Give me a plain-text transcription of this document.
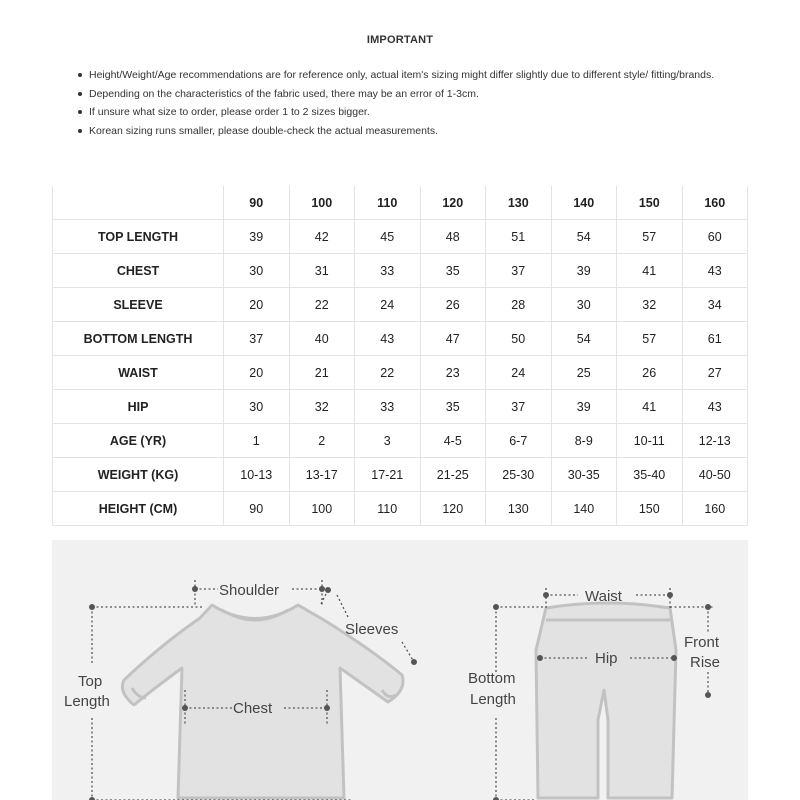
IMPORTANT
Height/Weight/Age recommendations are for reference only, actual item's sizing might differ slightly due to different style/ fitting/brands.
Depending on the characteristics of the fabric used, there may be an error of 1-3cm.
If unsure what size to order, please order 1 to 2 sizes bigger.
Korean sizing runs smaller, please double-check the actual measurements.
	90	100	110	120	130	140	150	160
TOP LENGTH	39	42	45	48	51	54	57	60
CHEST	30	31	33	35	37	39	41	43
SLEEVE	20	22	24	26	28	30	32	34
BOTTOM LENGTH	37	40	43	47	50	54	57	61
WAIST	20	21	22	23	24	25	26	27
HIP	30	32	33	35	37	39	41	43
AGE (YR)	1	2	3	4-5	6-7	8-9	10-11	12-13
WEIGHT (KG)	10-13	13-17	17-21	21-25	25-30	30-35	35-40	40-50
HEIGHT (CM)	90	100	110	120	130	140	150	160
Shoulder
Sleeves
Top
Length	Chest
Waist
Front
Rise
Hip
Bottom
Length
